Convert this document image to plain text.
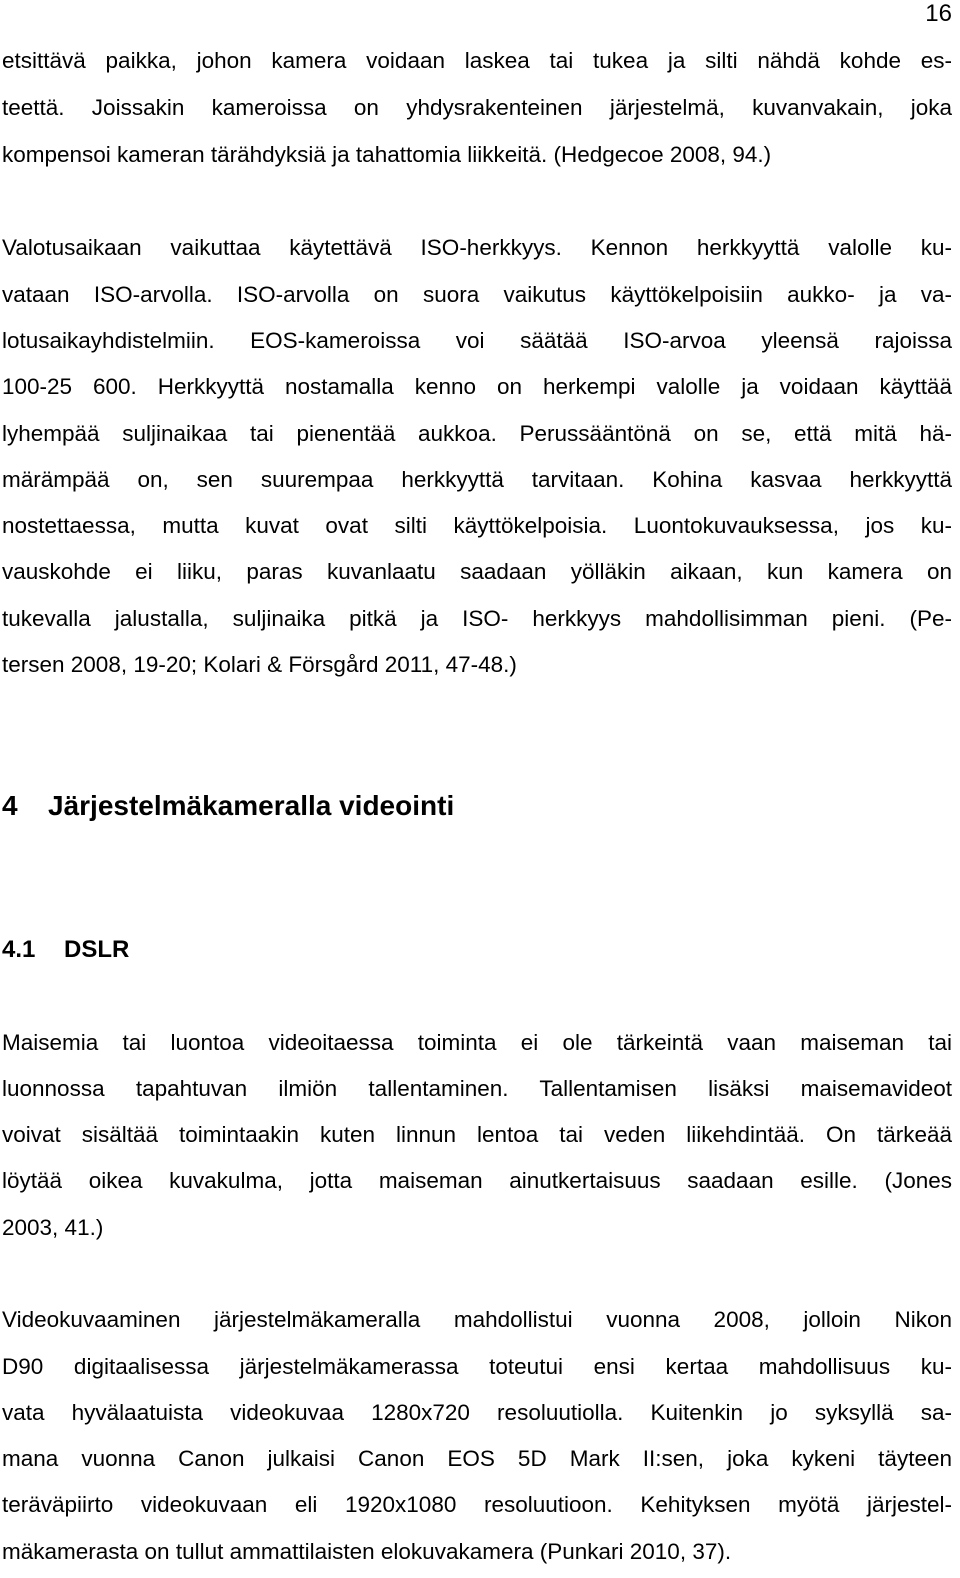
16
etsittävä paikka, johon kamera voidaan laskea tai tukea ja silti nähdä kohde es-
teettä. Joissakin kameroissa on yhdysrakenteinen järjestelmä, kuvanvakain, joka
kompensoi kameran tärähdyksiä ja tahattomia liikkeitä. (Hedgecoe 2008, 94.)
Valotusaikaan vaikuttaa käytettävä ISO-herkkyys. Kennon herkkyyttä valolle ku-
vataan ISO-arvolla. ISO-arvolla on suora vaikutus käyttökelpoisiin aukko- ja va-
lotusaikayhdistelmiin. EOS-kameroissa voi säätää ISO-arvoa yleensä rajoissa
100-25 600. Herkkyyttä nostamalla kenno on herkempi valolle ja voidaan käyttää
lyhempää suljinaikaa tai pienentää aukkoa. Perussääntönä on se, että mitä hä-
märämpää on, sen suurempaa herkkyyttä tarvitaan. Kohina kasvaa herkkyyttä
nostettaessa, mutta kuvat ovat silti käyttökelpoisia. Luontokuvauksessa, jos ku-
vauskohde ei liiku, paras kuvanlaatu saadaan yölläkin aikaan, kun kamera on
tukevalla jalustalla, suljinaika pitkä ja ISO- herkkyys mahdollisimman pieni. (Pe-
tersen 2008, 19-20; Kolari & Försgård 2011, 47-48.)
4 Järjestelmäkameralla videointi
4.1 DSLR
Maisemia tai luontoa videoitaessa toiminta ei ole tärkeintä vaan maiseman tai
luonnossa tapahtuvan ilmiön tallentaminen. Tallentamisen lisäksi maisemavideot
voivat sisältää toimintaakin kuten linnun lentoa tai veden liikehdintää. On tärkeää
löytää oikea kuvakulma, jotta maiseman ainutkertaisuus saadaan esille. (Jones
2003, 41.)
Videokuvaaminen järjestelmäkameralla mahdollistui vuonna 2008, jolloin Nikon
D90 digitaalisessa järjestelmäkamerassa toteutui ensi kertaa mahdollisuus ku-
vata hyvälaatuista videokuvaa 1280x720 resoluutiolla. Kuitenkin jo syksyllä sa-
mana vuonna Canon julkaisi Canon EOS 5D Mark II:sen, joka kykeni täyteen
teräväpiirto videokuvaan eli 1920x1080 resoluutioon. Kehityksen myötä järjestel-
mäkamerasta on tullut ammattilaisten elokuvakamera (Punkari 2010, 37).
